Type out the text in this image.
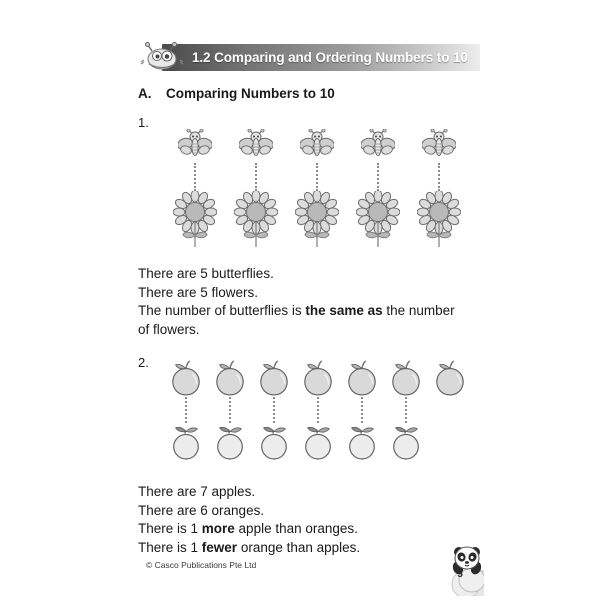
1.2 Comparing and Ordering Numbers to 10
A.	Comparing Numbers to 10
1.
There are 5 butterflies.
There are 5 flowers.
The number of butterflies is the same as the number of flowers.
2.
There are 7 apples.
There are 6 oranges.
There is 1 more apple than oranges.
There is 1 fewer orange than apples.
© Casco Publications Pte Ltd
5
